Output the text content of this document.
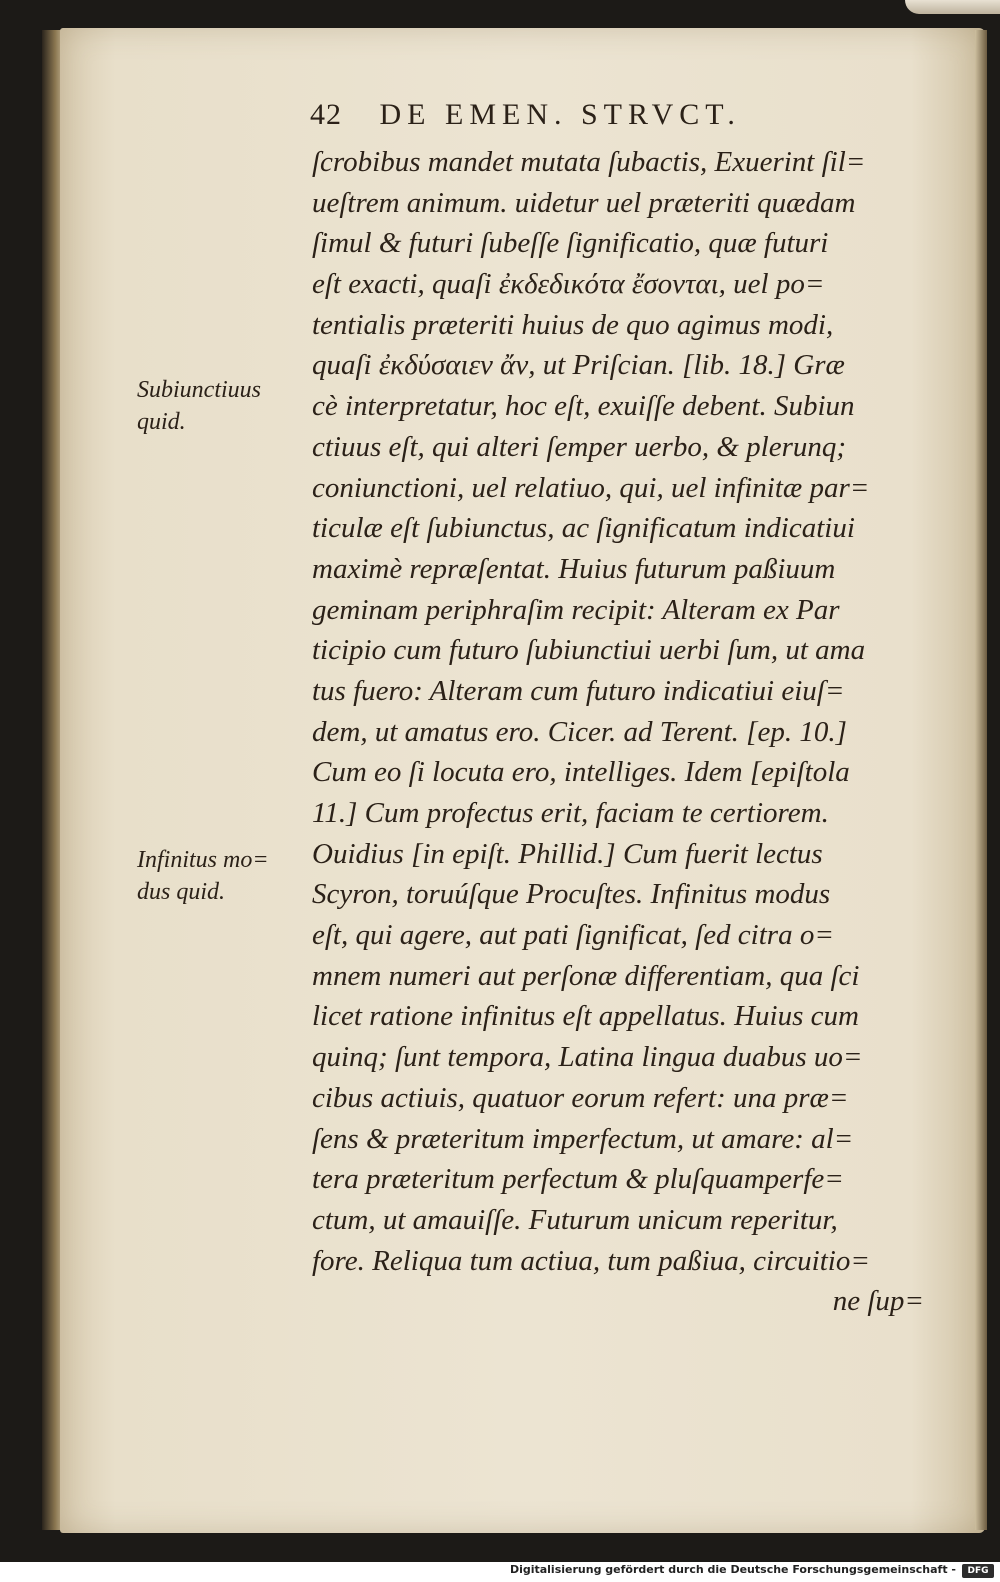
42 DE EMEN. STRVCT.
Subiunctiuus
quid.
Infinitus mo=
dus quid.
ſcrobibus mandet mutata ſubactis, Exuerint ſil=
ueſtrem animum. uidetur uel præteriti quædam
ſimul & futuri ſubeſſe ſignificatio, quæ futuri
eſt exacti, quaſi ἐκδεδικότα ἔσονται, uel po=
tentialis præteriti huius de quo agimus modi,
quaſi ἐκδύσαιεν ἄν, ut Priſcian. [lib. 18.] Græ
cè interpretatur, hoc eſt, exuiſſe debent. Subiun
ctiuus eſt, qui alteri ſemper uerbo, & plerunq;
coniunctioni, uel relatiuo, qui, uel infinitæ par=
ticulæ eſt ſubiunctus, ac ſignificatum indicatiui
maximè repræſentat. Huius futurum paßiuum
geminam periphraſim recipit: Alteram ex Par
ticipio cum futuro ſubiunctiui uerbi ſum, ut ama
tus fuero: Alteram cum futuro indicatiui eiuſ=
dem, ut amatus ero. Cicer. ad Terent. [ep. 10.]
Cum eo ſi locuta ero, intelliges. Idem [epiſtola
11.] Cum profectus erit, faciam te certiorem.
Ouidius [in epiſt. Phillid.] Cum fuerit lectus
Scyron, toruúſque Procuſtes. Infinitus modus
eſt, qui agere, aut pati ſignificat, ſed citra o=
mnem numeri aut perſonæ differentiam, qua ſci
licet ratione infinitus eſt appellatus. Huius cum
quinq; ſunt tempora, Latina lingua duabus uo=
cibus actiuis, quatuor eorum refert: una præ=
ſens & præteritum imperfectum, ut amare: al=
tera præteritum perfectum & pluſquamperfe=
ctum, ut amauiſſe. Futurum unicum reperitur,
fore. Reliqua tum actiua, tum paßiua, circuitio=
ne ſup=
Digitalisierung gefördert durch die Deutsche Forschungsgemeinschaft -	DFG
